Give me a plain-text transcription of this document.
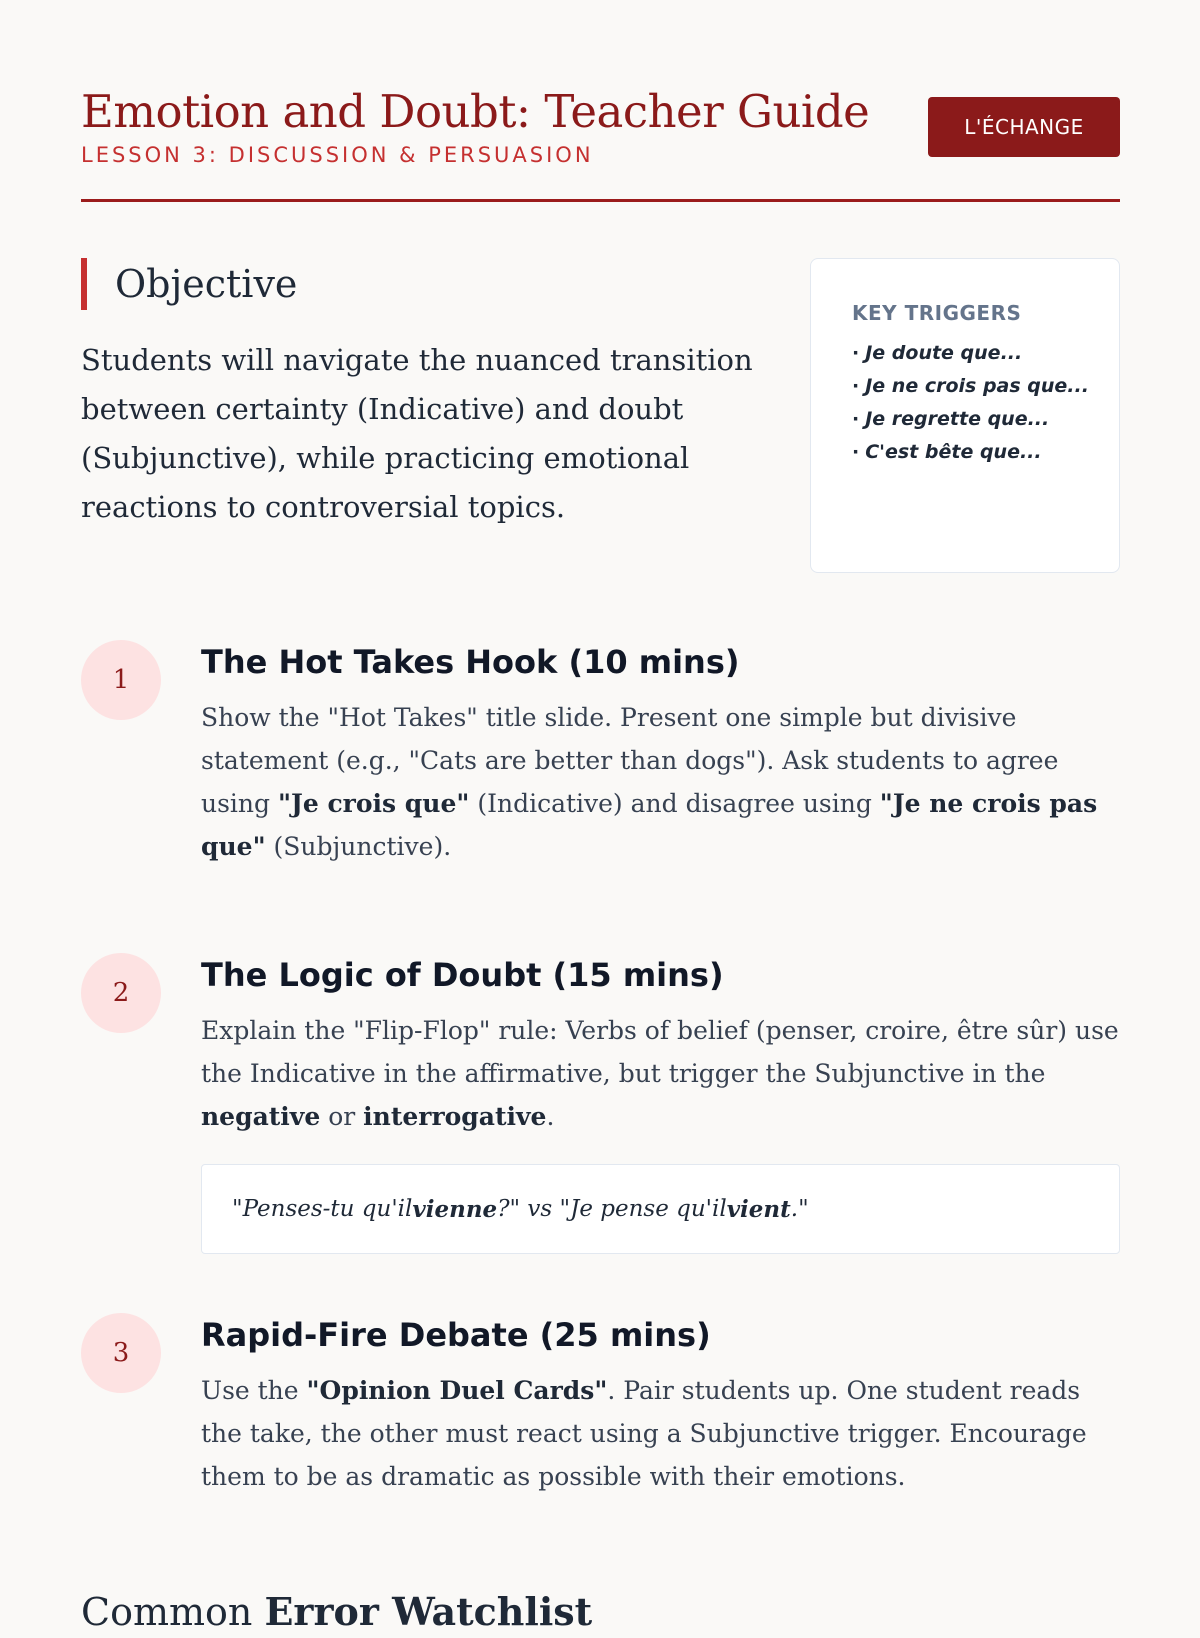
Emotion and Doubt: Teacher Guide
LESSON 3: DISCUSSION & PERSUASION
L'ÉCHANGE
Objective
Students will navigate the nuanced transition between certainty (Indicative) and doubt (Subjunctive), while practicing emotional reactions to controversial topics.
KEY TRIGGERS
· Je doute que...
· Je ne crois pas que...
· Je regrette que...
· C'est bête que...
1	The Hot Takes Hook (10 mins)
Show the "Hot Takes" title slide. Present one simple but divisive statement (e.g., "Cats are better than dogs"). Ask students to agree using "Je crois que" (Indicative) and disagree using "Je ne crois pas que" (Subjunctive).
2	The Logic of Doubt (15 mins)
Explain the "Flip-Flop" rule: Verbs of belief (penser, croire, être sûr) use the Indicative in the affirmative, but trigger the Subjunctive in the negative or interrogative.
"Penses-tu qu'il vienne ?" vs "Je pense qu'il vient ."
3	Rapid-Fire Debate (25 mins)
Use the "Opinion Duel Cards". Pair students up. One student reads the take, the other must react using a Subjunctive trigger. Encourage them to be as dramatic as possible with their emotions.
Common Error Watchlist
